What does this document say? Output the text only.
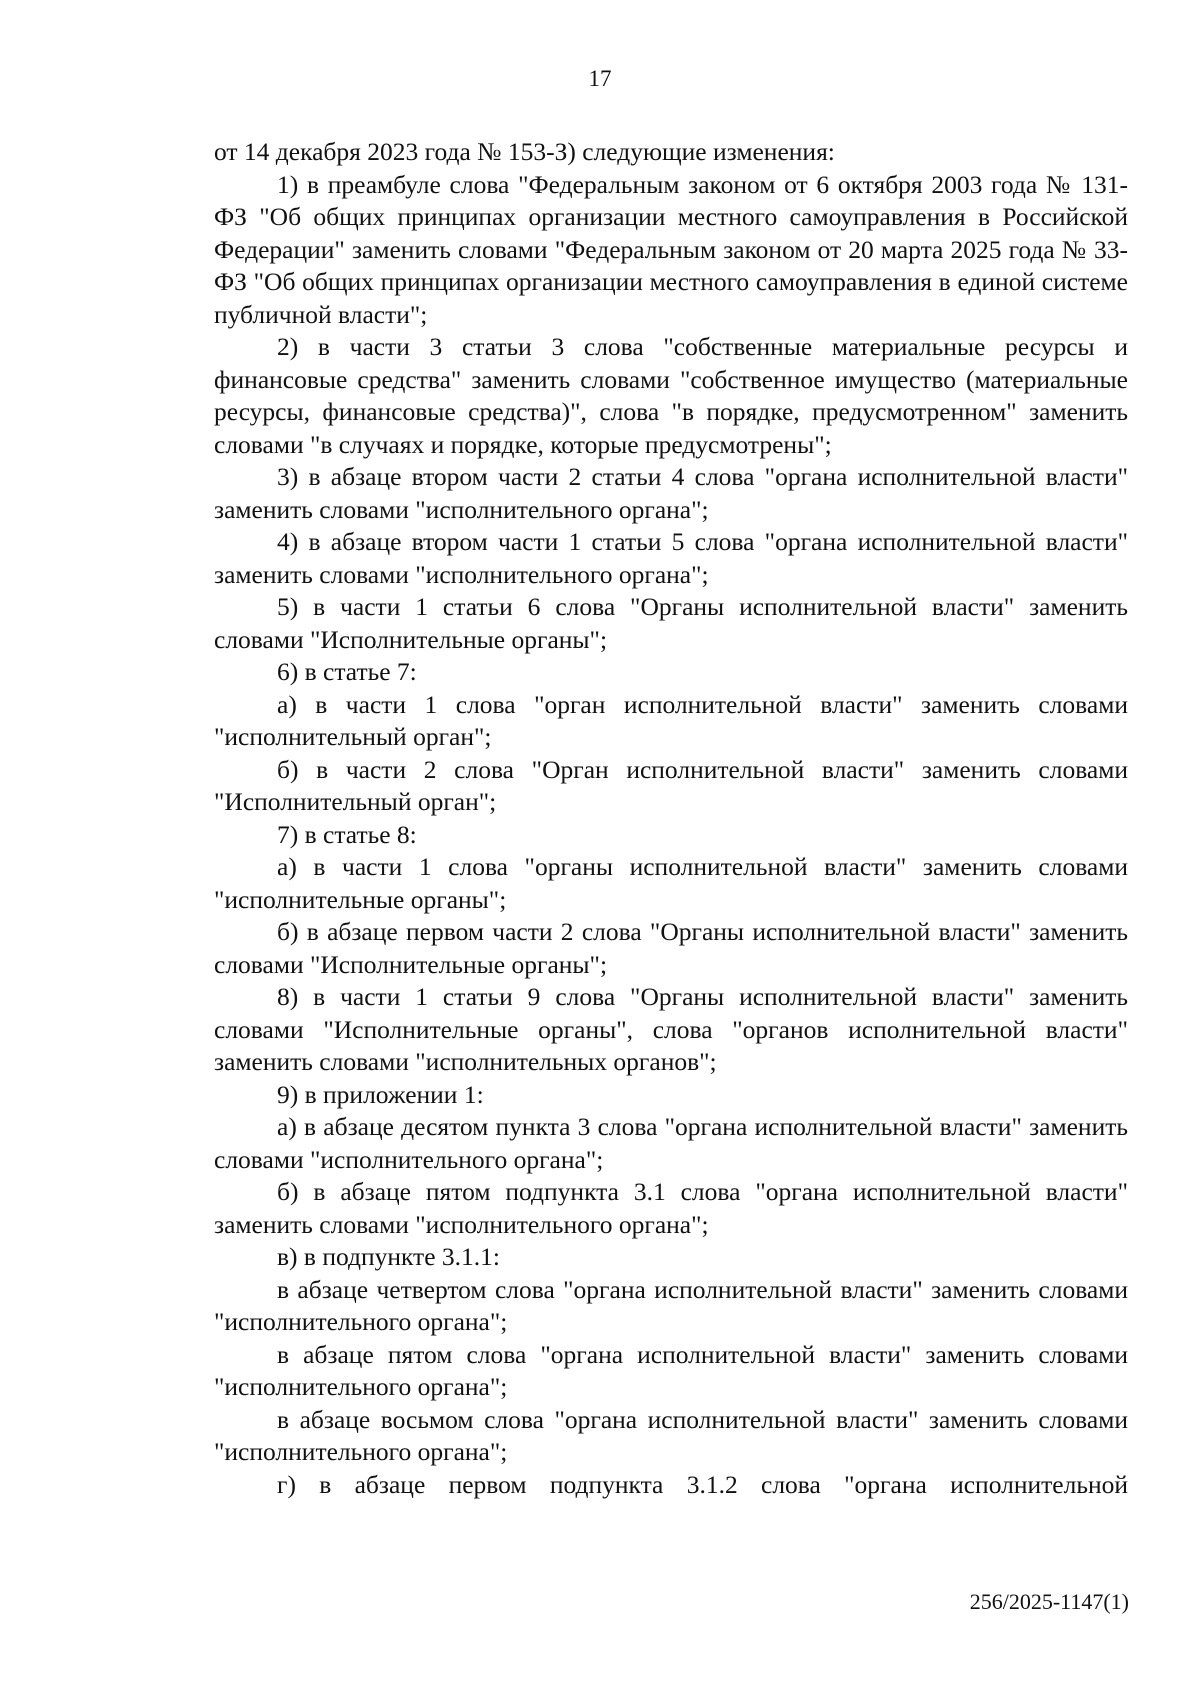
17

от 14 декабря 2023 года № 153-З) следующие изменения:

1) в преамбуле слова "Федеральным законом от 6 октября 2003 года № 131-ФЗ "Об общих принципах организации местного самоуправления в Российской Федерации" заменить словами "Федеральным законом от 20 марта 2025 года № 33-ФЗ "Об общих принципах организации местного самоуправления в единой системе публичной власти";

2) в части 3 статьи 3 слова "собственные материальные ресурсы и финансовые средства" заменить словами "собственное имущество (материальные ресурсы, финансовые средства)", слова "в порядке, предусмотренном" заменить словами "в случаях и порядке, которые предусмотрены";

3) в абзаце втором части 2 статьи 4 слова "органа исполнительной власти" заменить словами "исполнительного органа";

4) в абзаце втором части 1 статьи 5 слова "органа исполнительной власти" заменить словами "исполнительного органа";

5) в части 1 статьи 6 слова "Органы исполнительной власти" заменить словами "Исполнительные органы";

6) в статье 7:

а) в части 1 слова "орган исполнительной власти" заменить словами "исполнительный орган";

б) в части 2 слова "Орган исполнительной власти" заменить словами "Исполнительный орган";

7) в статье 8:

а) в части 1 слова "органы исполнительной власти" заменить словами "исполнительные органы";

б) в абзаце первом части 2 слова "Органы исполнительной власти" заменить словами "Исполнительные органы";

8) в части 1 статьи 9 слова "Органы исполнительной власти" заменить словами "Исполнительные органы", слова "органов исполнительной власти" заменить словами "исполнительных органов";

9) в приложении 1:

а) в абзаце десятом пункта 3 слова "органа исполнительной власти" заменить словами "исполнительного органа";

б) в абзаце пятом подпункта 3.1 слова "органа исполнительной власти" заменить словами "исполнительного органа";

в) в подпункте 3.1.1:

в абзаце четвертом слова "органа исполнительной власти" заменить словами "исполнительного органа";

в абзаце пятом слова "органа исполнительной власти" заменить словами "исполнительного органа";

в абзаце восьмом слова "органа исполнительной власти" заменить словами "исполнительного органа";

г) в абзаце первом подпункта 3.1.2 слова "органа исполнительной

256/2025-1147(1)
